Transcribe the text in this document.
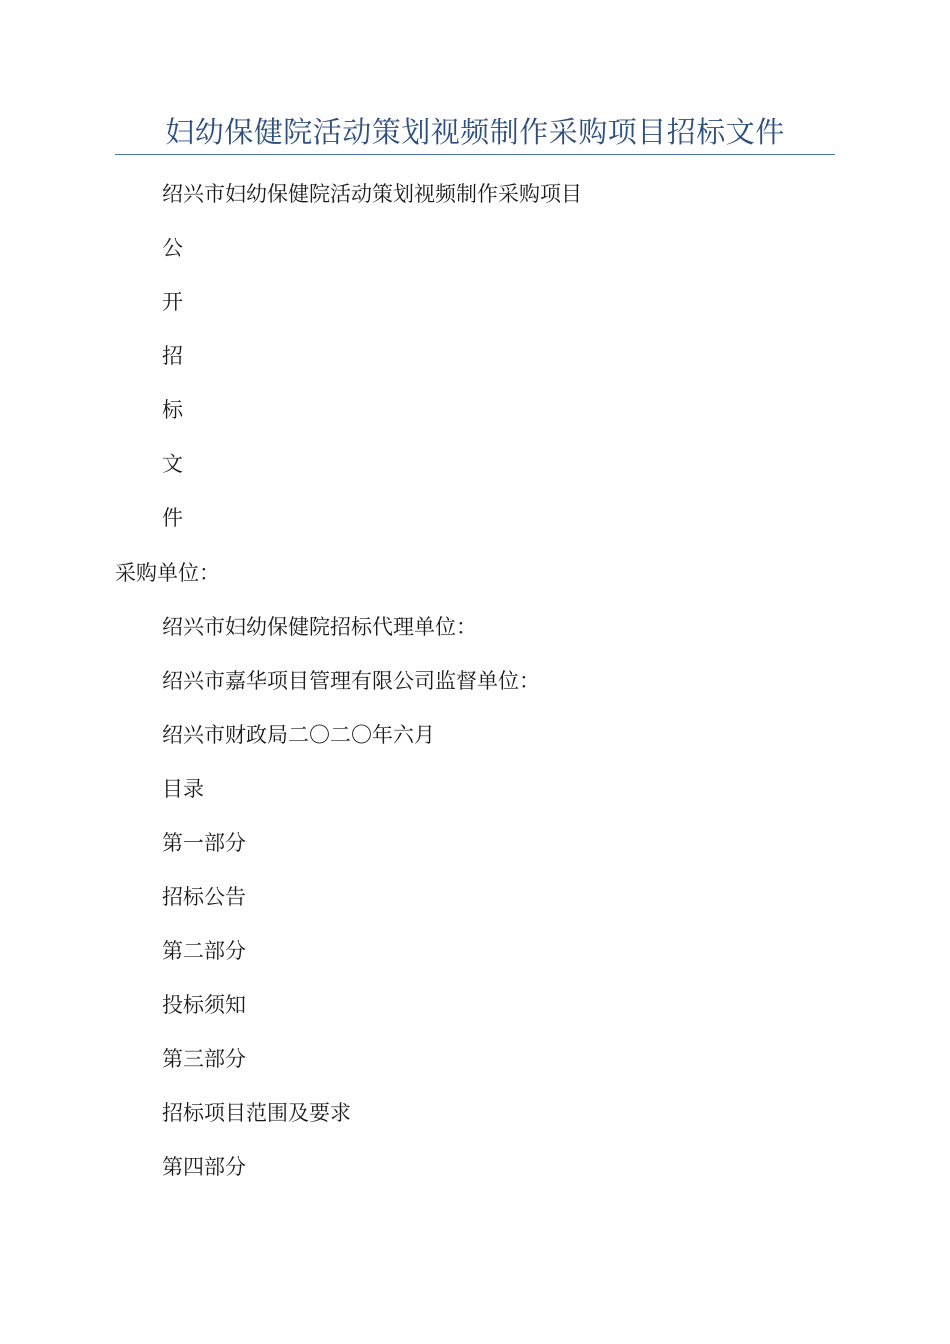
妇幼保健院活动策划视频制作采购项目招标文件
绍兴市妇幼保健院活动策划视频制作采购项目
公
开
招
标
文
件
采购单位：
绍兴市妇幼保健院招标代理单位：
绍兴市嘉华项目管理有限公司监督单位：
绍兴市财政局二〇二〇年六月
目录
第一部分
招标公告
第二部分
投标须知
第三部分
招标项目范围及要求
第四部分
